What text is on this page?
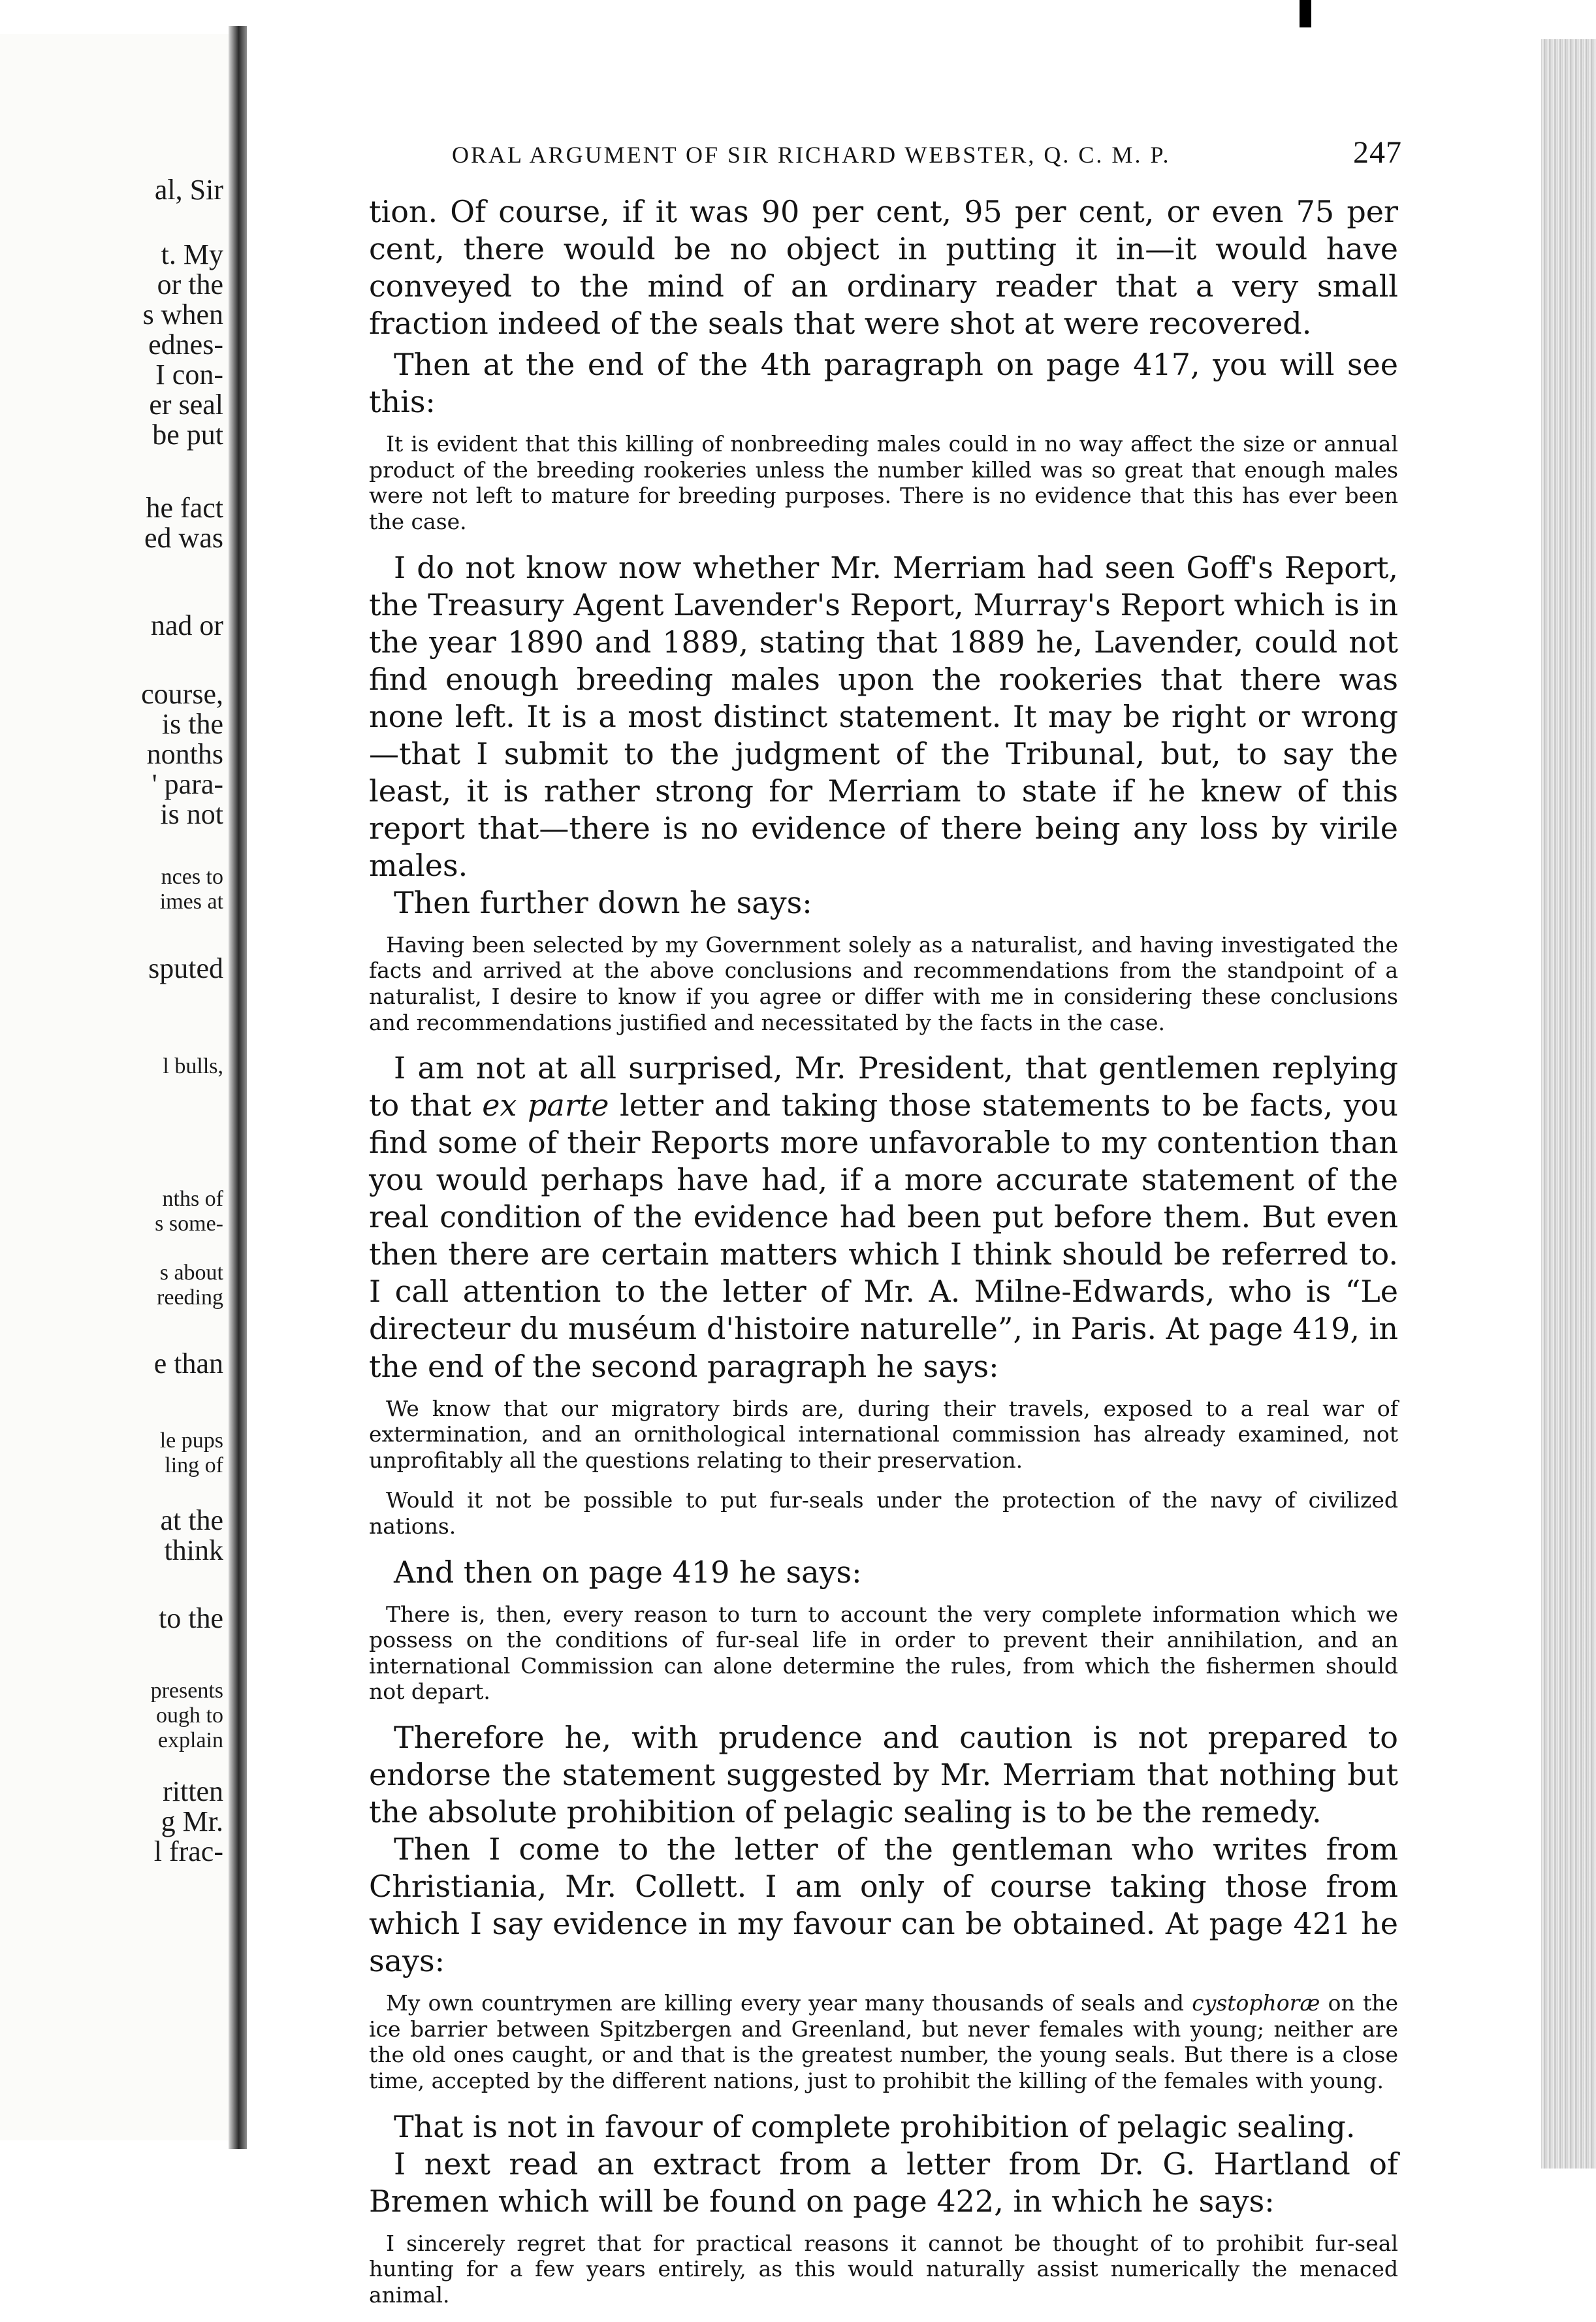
al, Sir
t. My
or the
s when
ednes-
I con-
er seal
be put
he fact
ed was
nad or
course,
is the
nonths
' para-
is not
nces to
imes at
sputed
l bulls,
nths of
s some-
s about
reeding
e than
le pups
ling of
at the
think
to the
presents
ough to
explain
ritten
g Mr.
l frac-
ORAL ARGUMENT OF SIR RICHARD WEBSTER, Q. C. M. P.	247

tion. Of course, if it was 90 per cent, 95 per cent, or even 75 per cent, there would be no object in putting it in—it would have conveyed to the mind of an ordinary reader that a very small fraction indeed of the seals that were shot at were recovered.

Then at the end of the 4th paragraph on page 417, you will see this:

It is evident that this killing of nonbreeding males could in no way affect the size or annual product of the breeding rookeries unless the number killed was so great that enough males were not left to mature for breeding purposes. There is no evidence that this has ever been the case.

I do not know now whether Mr. Merriam had seen Goff's Report, the Treasury Agent Lavender's Report, Murray's Report which is in the year 1890 and 1889, stating that 1889 he, Lavender, could not find enough breeding males upon the rookeries that there was none left. It is a most distinct statement. It may be right or wrong—that I submit to the judgment of the Tribunal, but, to say the least, it is rather strong for Merriam to state if he knew of this report that—there is no evidence of there being any loss by virile males.

Then further down he says:

Having been selected by my Government solely as a naturalist, and having investigated the facts and arrived at the above conclusions and recommendations from the standpoint of a naturalist, I desire to know if you agree or differ with me in considering these conclusions and recommendations justified and necessitated by the facts in the case.

I am not at all surprised, Mr. President, that gentlemen replying to that ex parte letter and taking those statements to be facts, you find some of their Reports more unfavorable to my contention than you would perhaps have had, if a more accurate statement of the real condition of the evidence had been put before them. But even then there are certain matters which I think should be referred to. I call attention to the letter of Mr. A. Milne-Edwards, who is “Le directeur du muséum d'histoire naturelle”, in Paris. At page 419, in the end of the second paragraph he says:

We know that our migratory birds are, during their travels, exposed to a real war of extermination, and an ornithological international commission has already examined, not unprofitably all the questions relating to their preservation.

Would it not be possible to put fur-seals under the protection of the navy of civilized nations.

And then on page 419 he says:

There is, then, every reason to turn to account the very complete information which we possess on the conditions of fur-seal life in order to prevent their annihilation, and an international Commission can alone determine the rules, from which the fishermen should not depart.

Therefore he, with prudence and caution is not prepared to endorse the statement suggested by Mr. Merriam that nothing but the absolute prohibition of pelagic sealing is to be the remedy.

Then I come to the letter of the gentleman who writes from Christiania, Mr. Collett. I am only of course taking those from which I say evidence in my favour can be obtained. At page 421 he says:

My own countrymen are killing every year many thousands of seals and cystophoræ on the ice barrier between Spitzbergen and Greenland, but never females with young; neither are the old ones caught, or and that is the greatest number, the young seals. But there is a close time, accepted by the different nations, just to prohibit the killing of the females with young.

That is not in favour of complete prohibition of pelagic sealing.

I next read an extract from a letter from Dr. G. Hartland of Bremen which will be found on page 422, in which he says:

I sincerely regret that for practical reasons it cannot be thought of to prohibit fur-seal hunting for a few years entirely, as this would naturally assist numerically the menaced animal.
